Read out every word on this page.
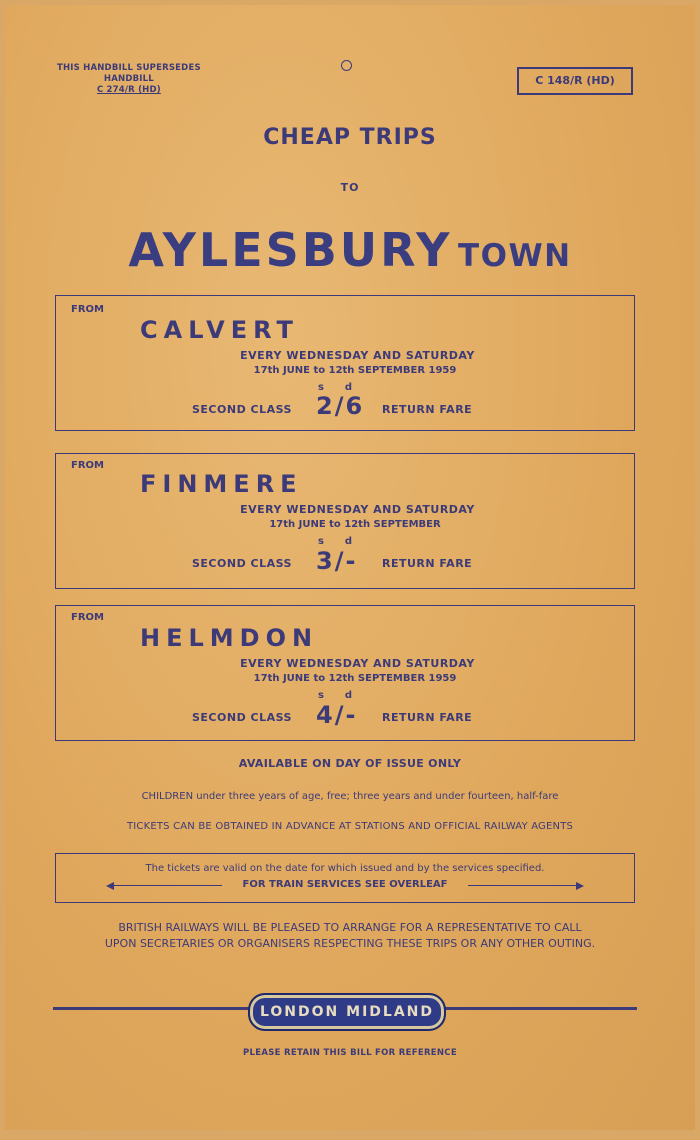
THIS HANDBILL SUPERSEDES
HANDBILL
C 274/R (HD)
C 148/R (HD)
CHEAP TRIPS
TO
AYLESBURY TOWN
FROM
CALVERT
EVERY WEDNESDAY AND SATURDAY
17th JUNE to 12th SEPTEMBER 1959
s      d
SECOND CLASS 2/6 RETURN FARE
FROM
FINMERE
EVERY WEDNESDAY AND SATURDAY
17th JUNE to 12th SEPTEMBER
s      d
SECOND CLASS 3/- RETURN FARE
FROM
HELMDON
EVERY WEDNESDAY AND SATURDAY
17th JUNE to 12th SEPTEMBER 1959
s      d
SECOND CLASS 4/- RETURN FARE
AVAILABLE ON DAY OF ISSUE ONLY
CHILDREN under three years of age, free; three years and under fourteen, half-fare
TICKETS CAN BE OBTAINED IN ADVANCE AT STATIONS AND OFFICIAL RAILWAY AGENTS
The tickets are valid on the date for which issued and by the services specified.
FOR TRAIN SERVICES SEE OVERLEAF
BRITISH RAILWAYS WILL BE PLEASED TO ARRANGE FOR A REPRESENTATIVE TO CALL
UPON SECRETARIES OR ORGANISERS RESPECTING THESE TRIPS OR ANY OTHER OUTING.
LONDON MIDLAND
PLEASE RETAIN THIS BILL FOR REFERENCE
